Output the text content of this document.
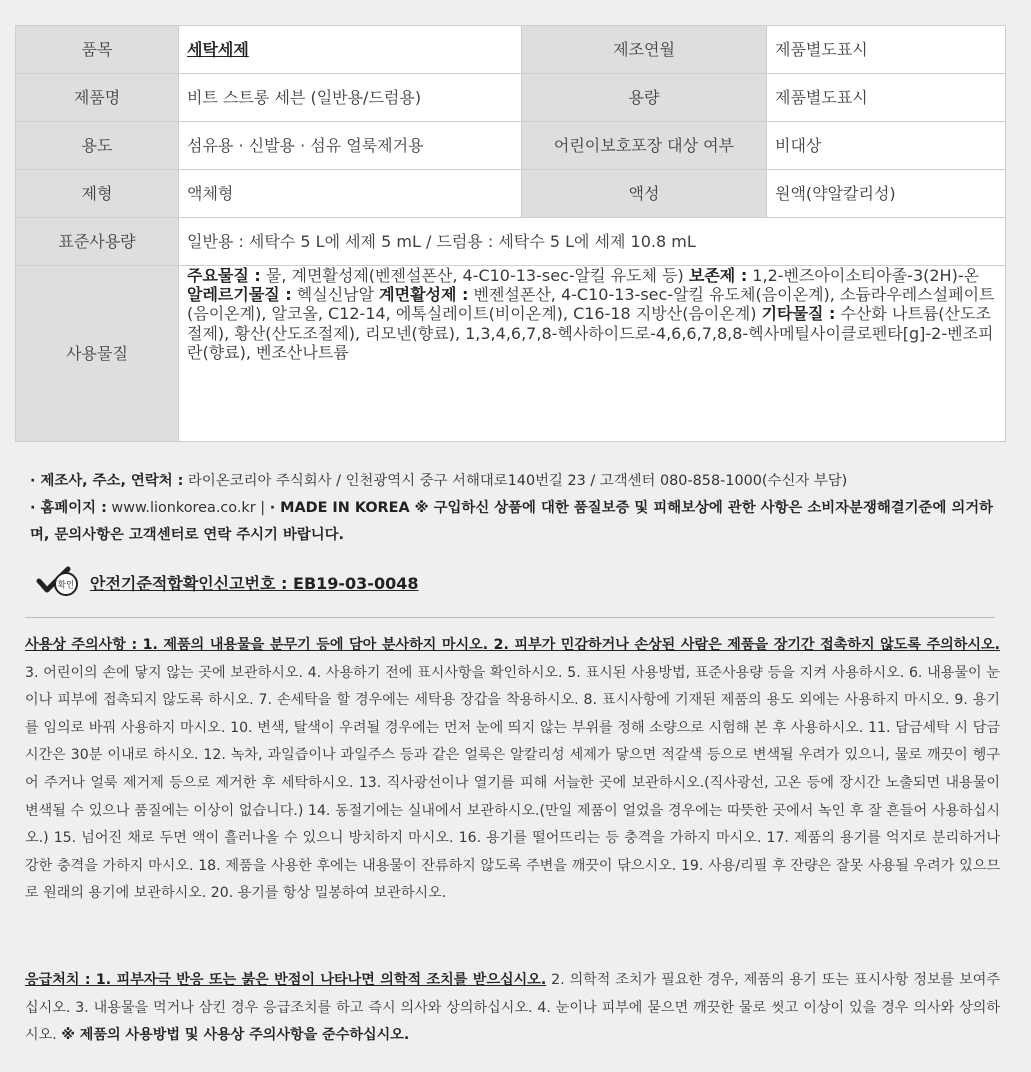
품목	세탁세제	제조연월	제품별도표시
제품명	비트 스트롱 세븐 (일반용/드럼용)	용량	제품별도표시
용도	섬유용 · 신발용 · 섬유 얼룩제거용	어린이보호포장 대상 여부	비대상
제형	액체형	액성	원액(약알칼리성)
표준사용량	일반용 : 세탁수 5 L에 세제 5 mL / 드럼용 : 세탁수 5 L에 세제 10.8 mL		
사용물질	주요물질 : 물, 계면활성제(벤젠설폰산, 4-C10-13-sec-알킬 유도체 등) 보존제 : 1,2-벤즈아이소티아졸-3(2H)-온 알레르기물질 : 헥실신남알 계면활성제 : 벤젠설폰산, 4-C10-13-sec-알킬 유도체(음이온계), 소듐라우레스설페이트(음이온계), 알코올, C12-14, 에톡실레이트(비이온계), C16-18 지방산(음이온계) 기타물질 : 수산화 나트륨(산도조절제), 황산(산도조절제), 리모넨(향료), 1,3,4,6,7,8-헥사하이드로-4,6,6,7,8,8-헥사메틸사이클로펜타[g]-2-벤조피란(향료), 벤조산나트륨		
· 제조사, 주소, 연락처 : 라이온코리아 주식회사 / 인천광역시 중구 서해대로140번길 23 / 고객센터 080-858-1000(수신자 부담)
· 홈페이지 : www.lionkorea.co.kr | · MADE IN KOREA ※ 구입하신 상품에 대한 품질보증 및 피해보상에 관한 사항은 소비자분쟁해결기준에 의거하며, 문의사항은 고객센터로 연락 주시기 바랍니다.
확인 안전기준적합확인신고번호 : EB19-03-0048
사용상 주의사항 : 1. 제품의 내용물을 분무기 등에 담아 분사하지 마시오. 2. 피부가 민감하거나 손상된 사람은 제품을 장기간 접촉하지 않도록 주의하시오. 3. 어린이의 손에 닿지 않는 곳에 보관하시오. 4. 사용하기 전에 표시사항을 확인하시오. 5. 표시된 사용방법, 표준사용량 등을 지켜 사용하시오. 6. 내용물이 눈이나 피부에 접촉되지 않도록 하시오. 7. 손세탁을 할 경우에는 세탁용 장갑을 착용하시오. 8. 표시사항에 기재된 제품의 용도 외에는 사용하지 마시오. 9. 용기를 임의로 바꿔 사용하지 마시오. 10. 변색, 탈색이 우려될 경우에는 먼저 눈에 띄지 않는 부위를 정해 소량으로 시험해 본 후 사용하시오. 11. 담금세탁 시 담금시간은 30분 이내로 하시오. 12. 녹차, 과일즙이나 과일주스 등과 같은 얼룩은 알칼리성 세제가 닿으면 적갈색 등으로 변색될 우려가 있으니, 물로 깨끗이 헹구어 주거나 얼룩 제거제 등으로 제거한 후 세탁하시오. 13. 직사광선이나 열기를 피해 서늘한 곳에 보관하시오.(직사광선, 고온 등에 장시간 노출되면 내용물이 변색될 수 있으나 품질에는 이상이 없습니다.) 14. 동절기에는 실내에서 보관하시오.(만일 제품이 얼었을 경우에는 따뜻한 곳에서 녹인 후 잘 흔들어 사용하십시오.) 15. 넘어진 채로 두면 액이 흘러나올 수 있으니 방치하지 마시오. 16. 용기를 떨어뜨리는 등 충격을 가하지 마시오. 17. 제품의 용기를 억지로 분리하거나 강한 충격을 가하지 마시오. 18. 제품을 사용한 후에는 내용물이 잔류하지 않도록 주변을 깨끗이 닦으시오. 19. 사용/리필 후 잔량은 잘못 사용될 우려가 있으므로 원래의 용기에 보관하시오. 20. 용기를 항상 밀봉하여 보관하시오.
응급처치 : 1. 피부자극 반응 또는 붉은 반점이 나타나면 의학적 조치를 받으십시오. 2. 의학적 조치가 필요한 경우, 제품의 용기 또는 표시사항 정보를 보여주십시오. 3. 내용물을 먹거나 삼킨 경우 응급조치를 하고 즉시 의사와 상의하십시오. 4. 눈이나 피부에 묻으면 깨끗한 물로 씻고 이상이 있을 경우 의사와 상의하시오. ※ 제품의 사용방법 및 사용상 주의사항을 준수하십시오.
